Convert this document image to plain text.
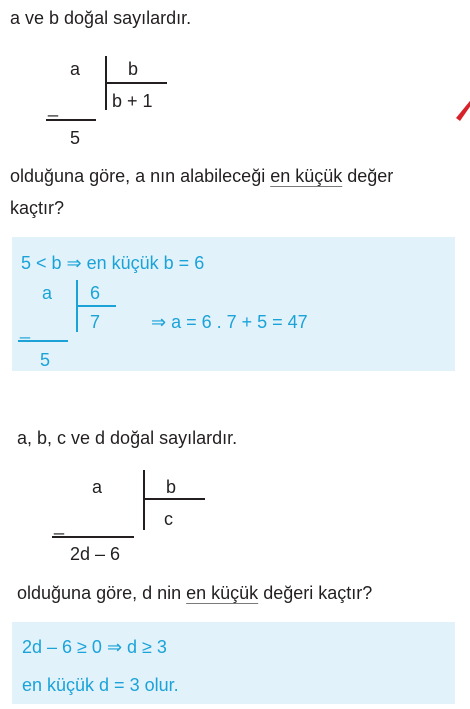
a ve b doğal sayılardır.
a	b
b + 1
_
5
olduğuna göre, a nın alabileceği en küçük değer
kaçtır?
5 < b ⇒ en küçük b = 6
a 6
7	⇒ a = 6 . 7 + 5 = 47
_
5
a, b, c ve d doğal sayılardır.
a	b
c
_
2d – 6
olduğuna göre, d nin en küçük değeri kaçtır?
2d – 6 ≥ 0 ⇒ d ≥ 3
en küçük d = 3 olur.
